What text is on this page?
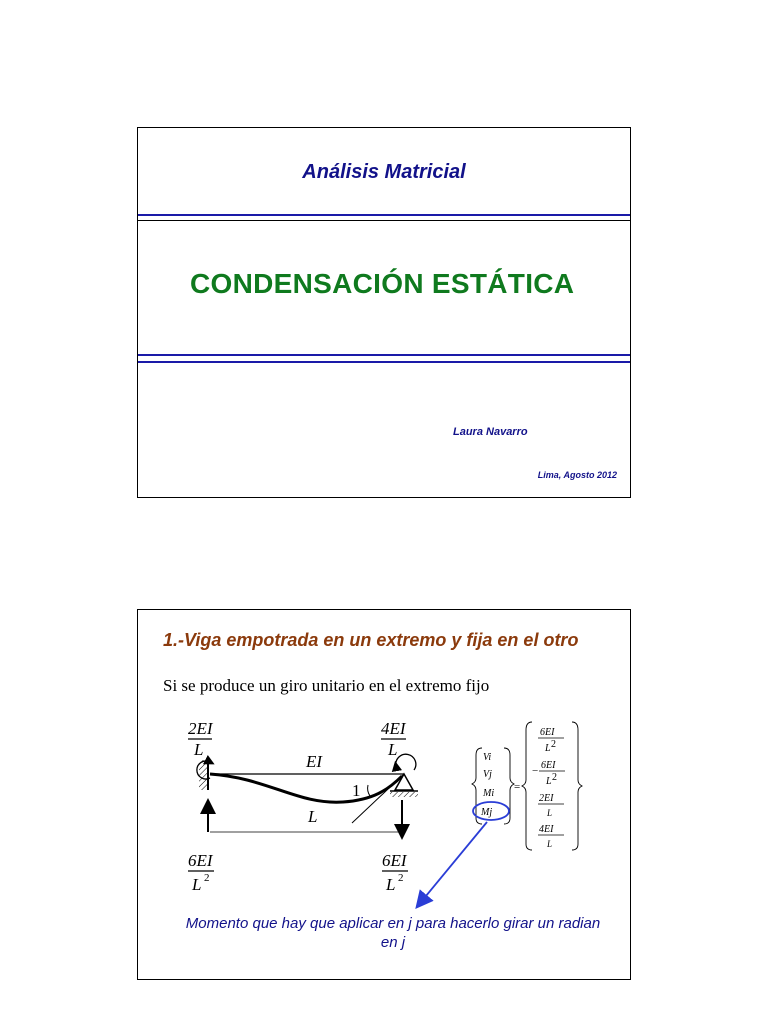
Análisis Matricial
CONDENSACIÓN ESTÁTICA
Laura Navarro
Lima, Agosto 2012
1.-Viga empotrada en un extremo y fija en el otro
Si se produce un giro unitario en el extremo fijo
2EI
L
4EI
L
EI
1
L
6EI
L 2
6EI
L 2
Vi
Vj
Mi
Mj
=
6EI
L 2
− 6EI
L 2
2EI
L
4EI
L
Momento que hay que aplicar en j para hacerlo girar un radian en j
